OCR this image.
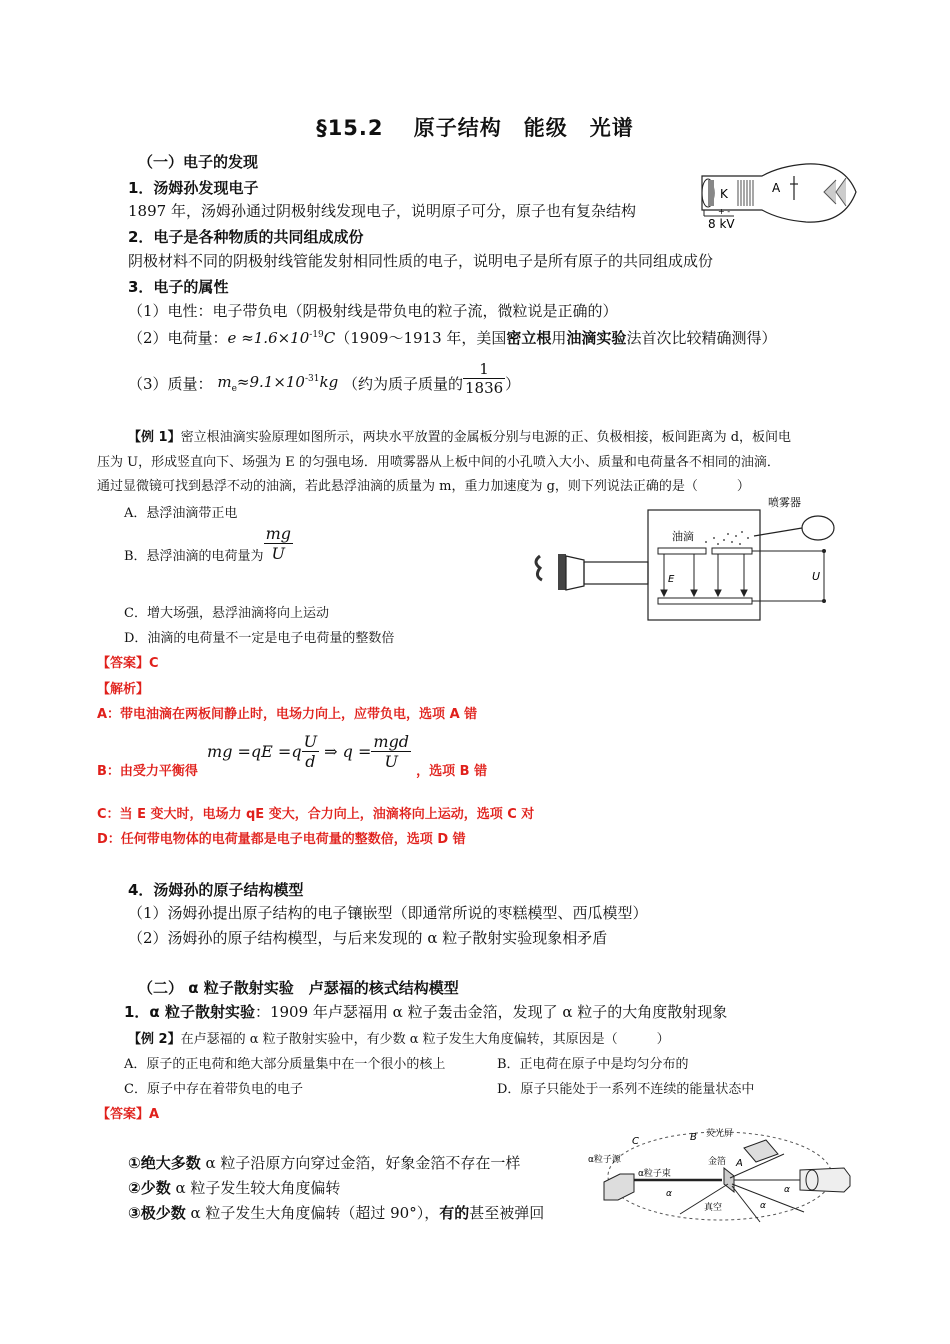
§15.2　 原子结构　能级　光谱
（一）电子的发现
1．汤姆孙发现电子
1897 年，汤姆孙通过阴极射线发现电子，说明原子可分，原子也有复杂结构
2．电子是各种物质的共同组成成份
阴极材料不同的阴极射线管能发射相同性质的电子，说明电子是所有原子的共同组成成份
3．电子的属性
（1）电性：电子带负电（阴极射线是带负电的粒子流，微粒说是正确的）
（2）电荷量：$e \approx 1.6\times 10^{-19}C(1909\sim 1913$ 年，美国密立根用油滴实验法首次比较精确测得）
（3）质量： $m_e\approx 9.1\times 10^{-31}kg$ （约为质子质量的 $\frac{1}{1836}$ ）
K	A
+ -
8 kV
【例 1】密立根油滴实验原理如图所示，两块水平放置的金属板分别与电源的正、负极相接，板间距离为 d，板间电
压为 U，形成竖直向下、场强为 E 的匀强电场．用喷雾器从上板中间的小孔喷入大小、质量和电荷量各不相同的油滴．
通过显微镜可找到悬浮不动的油滴，若此悬浮油滴的质量为 m，重力加速度为 g，则下列说法正确的是（　　　）
A．悬浮油滴带正电
B．悬浮油滴的电荷量为 $\frac{mg}{U}$
C．增大场强，悬浮油滴将向上运动
D．油滴的电荷量不一定是电子电荷量的整数倍
喷雾器
油滴
E	U
【答案】C
【解析】
A：带电油滴在两板间静止时，电场力向上，应带负电，选项 A 错
B：由受力平衡得 mg $=qE =q \frac{U}{d}$ ⇒ $q = \frac{\text{mgd}}{U}$
，选项 B 错
C：当 E 变大时，电场力 qE 变大，合力向上，油滴将向上运动，选项 C 对
D：任何带电物体的电荷量都是电子电荷量的整数倍，选项 D 错
4．汤姆孙的原子结构模型
（1）汤姆孙提出原子结构的电子镶嵌型（即通常所说的枣糕模型、西瓜模型）
（2）汤姆孙的原子结构模型，与后来发现的 α 粒子散射实验现象相矛盾
（二） α 粒子散射实验　卢瑟福的核式结构模型
1．α 粒子散射实验：1909 年卢瑟福用 α 粒子轰击金箔，发现了 α 粒子的大角度散射现象
【例 2】在卢瑟福的 α 粒子散射实验中，有少数 α 粒子发生大角度偏转，其原因是（　　　）
A．原子的正电荷和绝大部分质量集中在一个很小的核上	B．正电荷在原子中是均匀分布的
C．原子中存在着带负电的电子	D．原子只能处于一系列不连续的能量状态中
【答案】A
①绝大多数 α 粒子沿原方向穿过金箔，好象金箔不存在一样
②少数 α 粒子发生较大角度偏转
③极少数 α 粒子发生大角度偏转（超过 90°），有的甚至被弹回
α粒子源
α粒子束
C	B 荧光屏
金箔 A
α
α
α
真空
